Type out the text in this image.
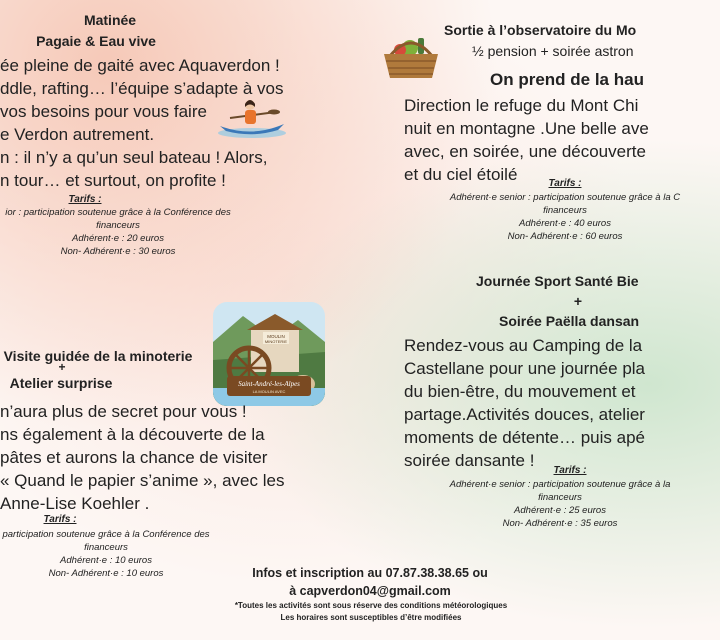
Matinée
Pagaie & Eau vive
ée pleine de gaité avec Aquaverdon !
ddle, rafting… l’équipe s’adapte à vos
vos besoins pour vous faire
e Verdon autrement.
n : il n’y a qu’un seul bateau ! Alors,
n tour… et surtout, on profite !
Tarifs :
ior : participation soutenue grâce à la Conférence des
financeurs
Adhérent·e : 20 euros
Non- Adhérent·e : 30 euros
Sortie à l’observatoire du Mo
½ pension + soirée astron
On prend de la hau
Direction le refuge du Mont Chi
nuit en montagne .Une belle ave
avec, en soirée, une découverte
et du ciel étoilé	Tarifs :
Adhérent·e senior : participation soutenue grâce à la C
financeurs
Adhérent·e : 40 euros
Non- Adhérent·e : 60 euros
MOULIN
MINOTERIE
Saint-André-les-Alpes
LA MOULIN AVEC
Visite guidée de la minoterie
+
Atelier surprise
n’aura plus de secret pour vous !
ns également à la découverte de la
pâtes et aurons la chance de visiter
« Quand le papier s’anime », avec les
Anne-Lise Koehler .
Tarifs :
participation soutenue grâce à la Conférence des
financeurs
Adhérent·e : 10 euros
Non- Adhérent·e : 10 euros
Journée Sport Santé Bie
+
Soirée Paëlla dansan
Rendez-vous au Camping de la
Castellane pour une journée pla
du bien-être, du mouvement et
partage.Activités douces, atelier
moments de détente… puis apé
soirée dansante !
Tarifs :
Adhérent·e senior : participation soutenue grâce à la
financeurs
Adhérent·e : 25 euros
Non- Adhérent·e : 35 euros
Infos et inscription au 07.87.38.38.65 ou
à capverdon04@gmail.com
*Toutes les activités sont sous réserve des conditions météorologiques
Les horaires sont susceptibles d’être modifiées
